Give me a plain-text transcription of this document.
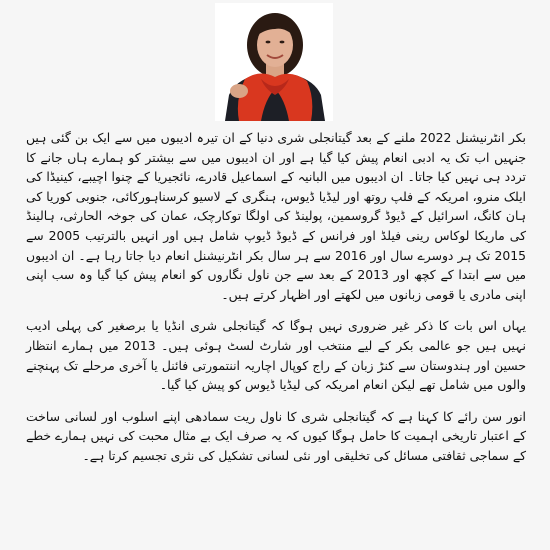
بکر انٹرنیشنل 2022 ملنے کے بعد گیتانجلی شری دنیا کے ان تیرہ ادیبوں میں سے ایک بن گئی ہیں جنہیں اب تک یہ ادبی انعام پیش کیا گیا ہے اور ان ادیبوں میں سے بیشتر کو ہمارے ہاں جانے کا تردد ہی نہیں کیا جاتا۔ ان ادیبوں میں البانیہ کے اسماعیل قادرے، نائجیریا کے چنوا اچیبے، کینیڈا کی ایلک منرو، امریکہ کے فلپ روتھ اور لیڈیا ڈیوس، ہنگری کے لاسیو کرسناہورکائی، جنوبی کوریا کی ہان کانگ، اسرائیل کے ڈیوڈ گروسمین، پولینڈ کی اولگا توکارچک، عمان کی جوخہ الحارثی، ہالینڈ کی ماریکا لوکاس رینی فیلڈ اور فرانس کے ڈیوڈ ڈیوپ شامل ہیں اور انہیں بالترتیب 2005 سے 2015 تک ہر دوسرے سال اور 2016 سے ہر سال بکر انٹرنیشنل انعام دیا جاتا رہا ہے۔ ان ادیبوں میں سے ابتدا کے کچھ اور 2013 کے بعد سے جن ناول نگاروں کو انعام پیش کیا گیا وہ سب اپنی اپنی مادری یا قومی زبانوں میں لکھتے اور اظہار کرتے ہیں۔

یہاں اس بات کا ذکر غیر ضروری نہیں ہوگا کہ گیتانجلی شری انڈیا یا برصغیر کی پہلی ادیب نہیں ہیں جو عالمی بکر کے لیے منتخب اور شارٹ لسٹ ہوئی ہیں۔ 2013 میں ہمارے انتظار حسین اور ہندوستان سے کنڑ زبان کے راج کوپال اچاریہ اننتمورتی فائنل یا آخری مرحلے تک پہنچنے والوں میں شامل تھے لیکن انعام امریکہ کی لیڈیا ڈیوس کو پیش کیا گیا۔

انور سن رائے کا کہنا ہے کہ گیتانجلی شری کا ناول ریت سمادھی اپنے اسلوب اور لسانی ساخت کے اعتبار تاریخی اہمیت کا حامل ہوگا کیوں کہ یہ صرف ایک بے مثال محبت کی نہیں ہمارے خطے کے سماجی ثقافتی مسائل کی تخلیقی اور نئی لسانی تشکیل کی نثری تجسیم کرتا ہے۔
